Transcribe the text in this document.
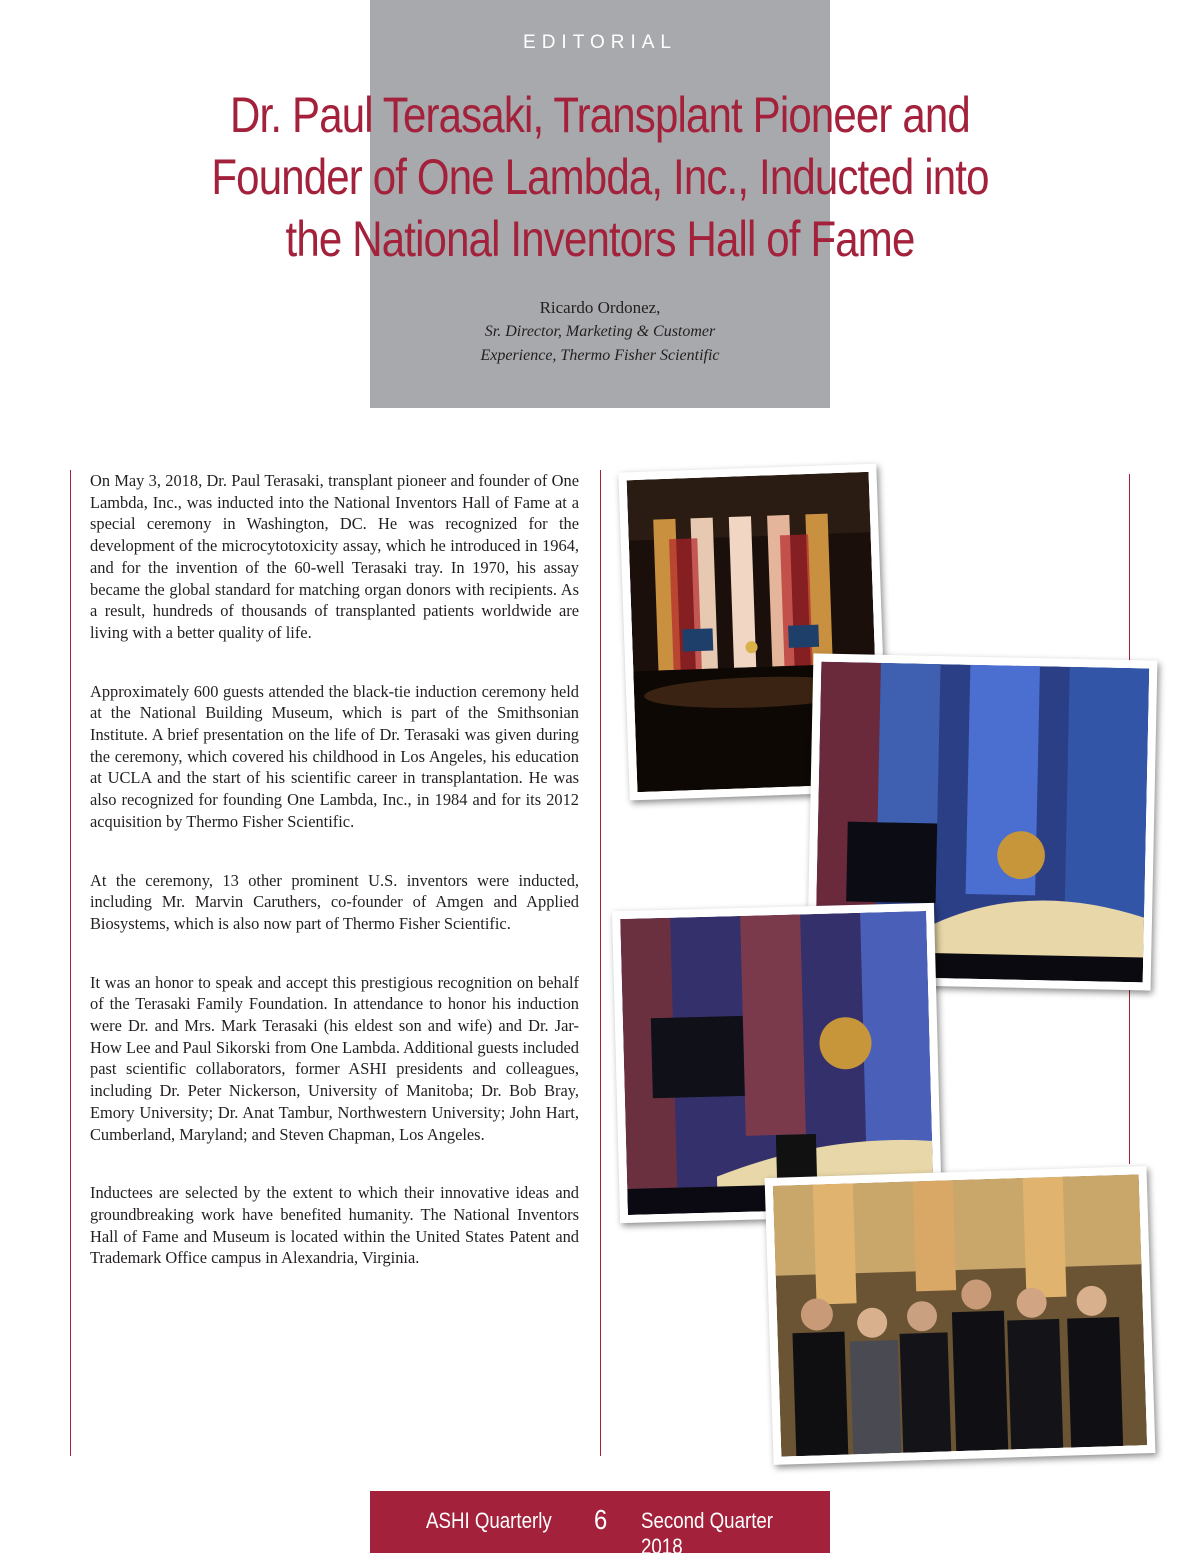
EDITORIAL
Dr. Paul Terasaki, Transplant Pioneer and Founder of One Lambda, Inc., Inducted into the National Inventors Hall of Fame
Ricardo Ordonez,
Sr. Director, Marketing & Customer
Experience, Thermo Fisher Scientific

On May 3, 2018, Dr. Paul Terasaki, transplant pioneer and founder of One Lambda, Inc., was inducted into the National Inventors Hall of Fame at a special ceremony in Washington, DC. He was recognized for the development of the microcytotoxicity assay, which he introduced in 1964, and for the invention of the 60-well Terasaki tray. In 1970, his assay became the global standard for matching organ donors with recipients. As a result, hundreds of thousands of transplanted patients worldwide are living with a better quality of life.

Approximately 600 guests attended the black-tie induction ceremony held at the National Building Museum, which is part of the Smithsonian Institute. A brief presentation on the life of Dr. Terasaki was given during the ceremony, which covered his childhood in Los Angeles, his education at UCLA and the start of his scientific career in transplantation. He was also recognized for founding One Lambda, Inc., in 1984 and for its 2012 acquisition by Thermo Fisher Scientific.

At the ceremony, 13 other prominent U.S. inventors were inducted, including Mr. Marvin Caruthers, co-founder of Amgen and Applied Biosystems, which is also now part of Thermo Fisher Scientific.

It was an honor to speak and accept this prestigious recognition on behalf of the Terasaki Family Foundation. In attendance to honor his induction were Dr. and Mrs. Mark Terasaki (his eldest son and wife) and Dr. Jar-How Lee and Paul Sikorski from One Lambda. Additional guests included past scientific collaborators, former ASHI presidents and colleagues, including Dr. Peter Nickerson, University of Manitoba; Dr. Bob Bray, Emory University; Dr. Anat Tambur, Northwestern University; John Hart, Cumberland, Maryland; and Steven Chapman, Los Angeles.

Inductees are selected by the extent to which their innovative ideas and groundbreaking work have benefited humanity. The National Inventors Hall of Fame and Museum is located within the United States Patent and Trademark Office campus in Alexandria, Virginia.

ASHI Quarterly 6 Second Quarter 2018
